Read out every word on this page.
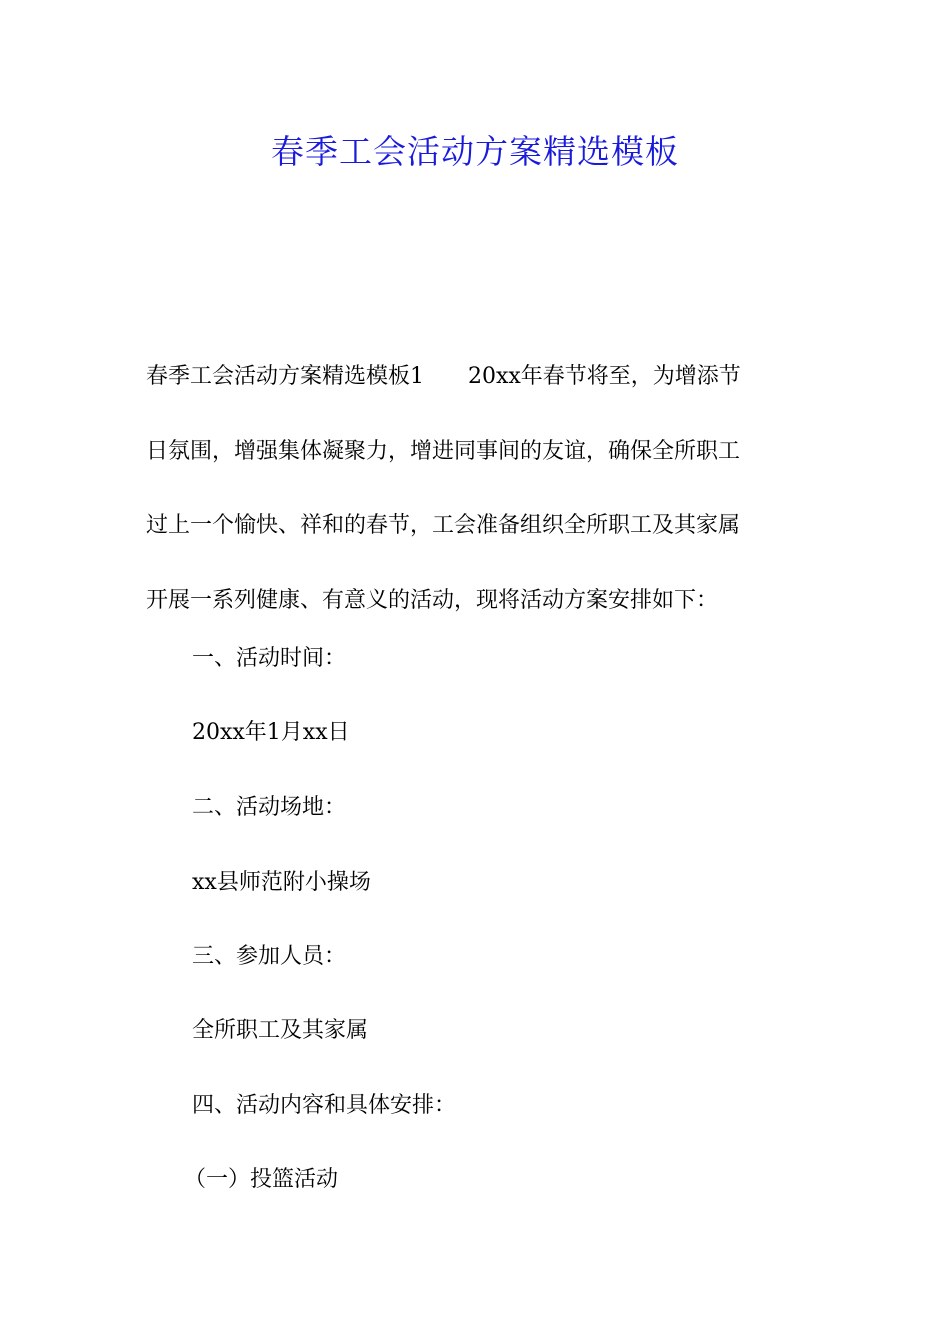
春季工会活动方案精选模板
春季工会活动方案精选模板1　　20xx年春节将至，为增添节
日氛围，增强集体凝聚力，增进同事间的友谊，确保全所职工
过上一个愉快、祥和的春节，工会准备组织全所职工及其家属
开展一系列健康、有意义的活动，现将活动方案安排如下：
一、活动时间：
20xx年1月xx日
二、活动场地：
xx县师范附小操场
三、参加人员：
全所职工及其家属
四、活动内容和具体安排：
（一）投篮活动
